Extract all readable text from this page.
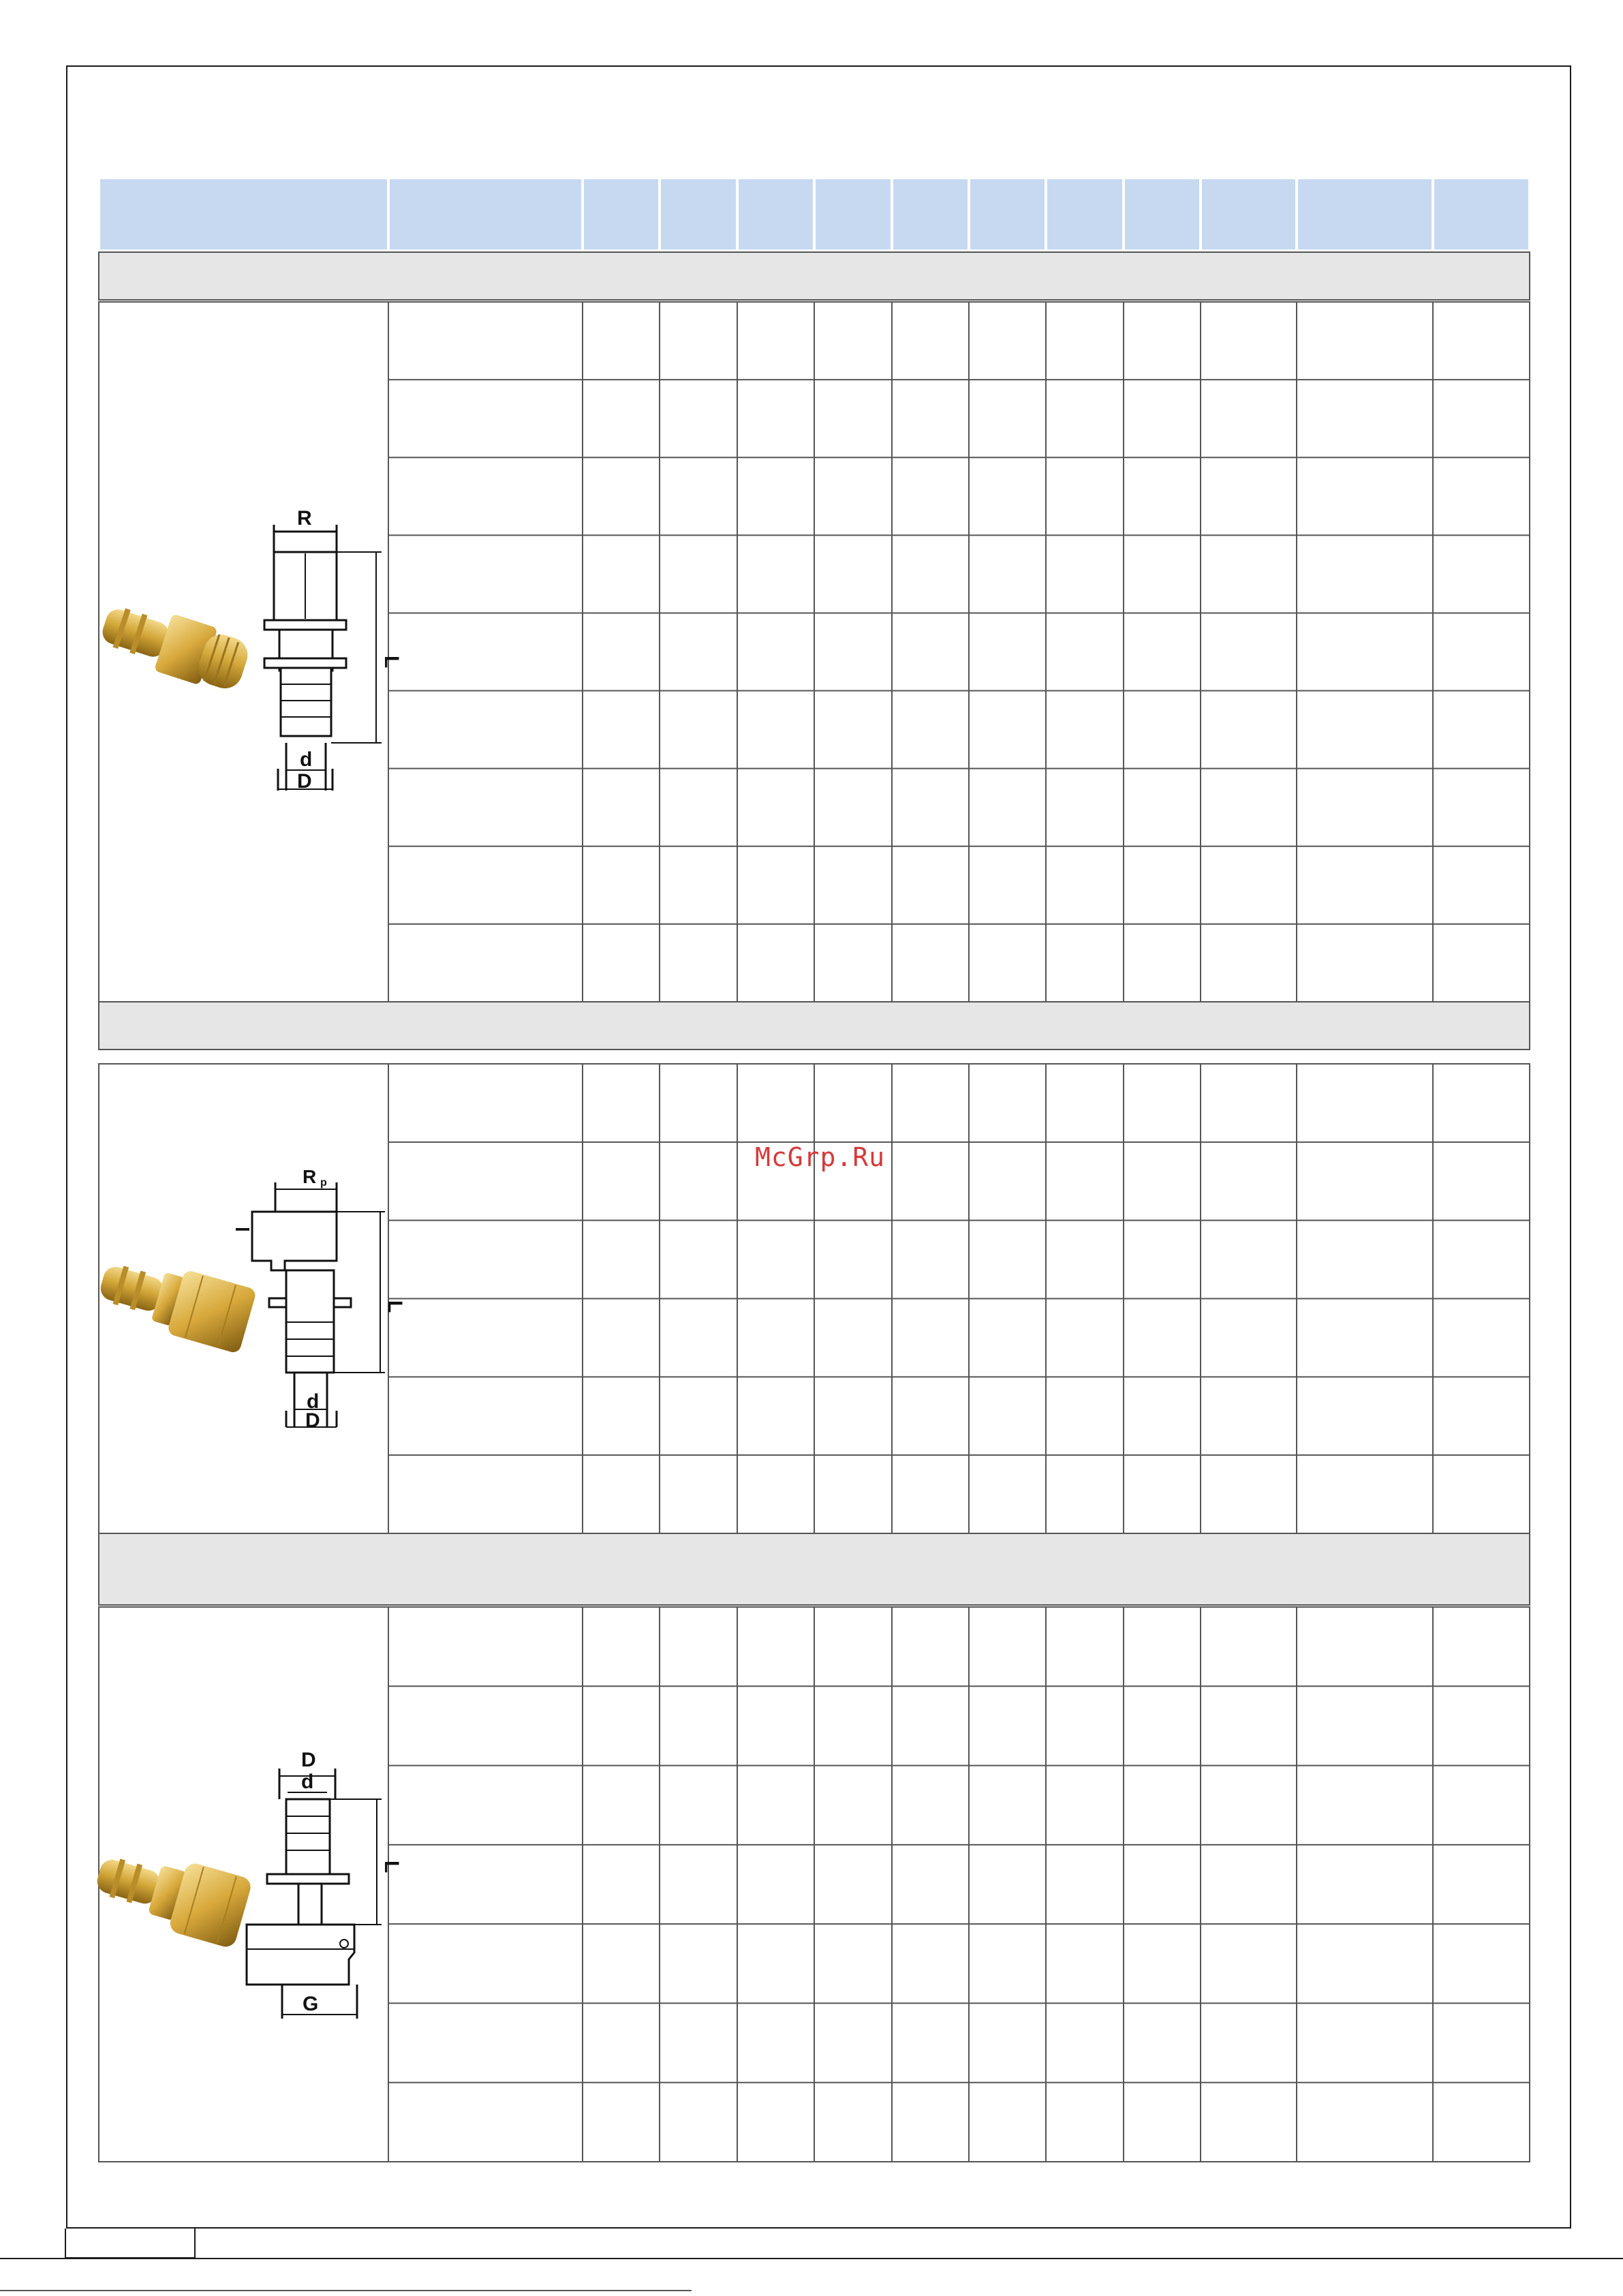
R
L
d
D
R p
l
L
d
D
D
d
L
G
McGrp.Ru
